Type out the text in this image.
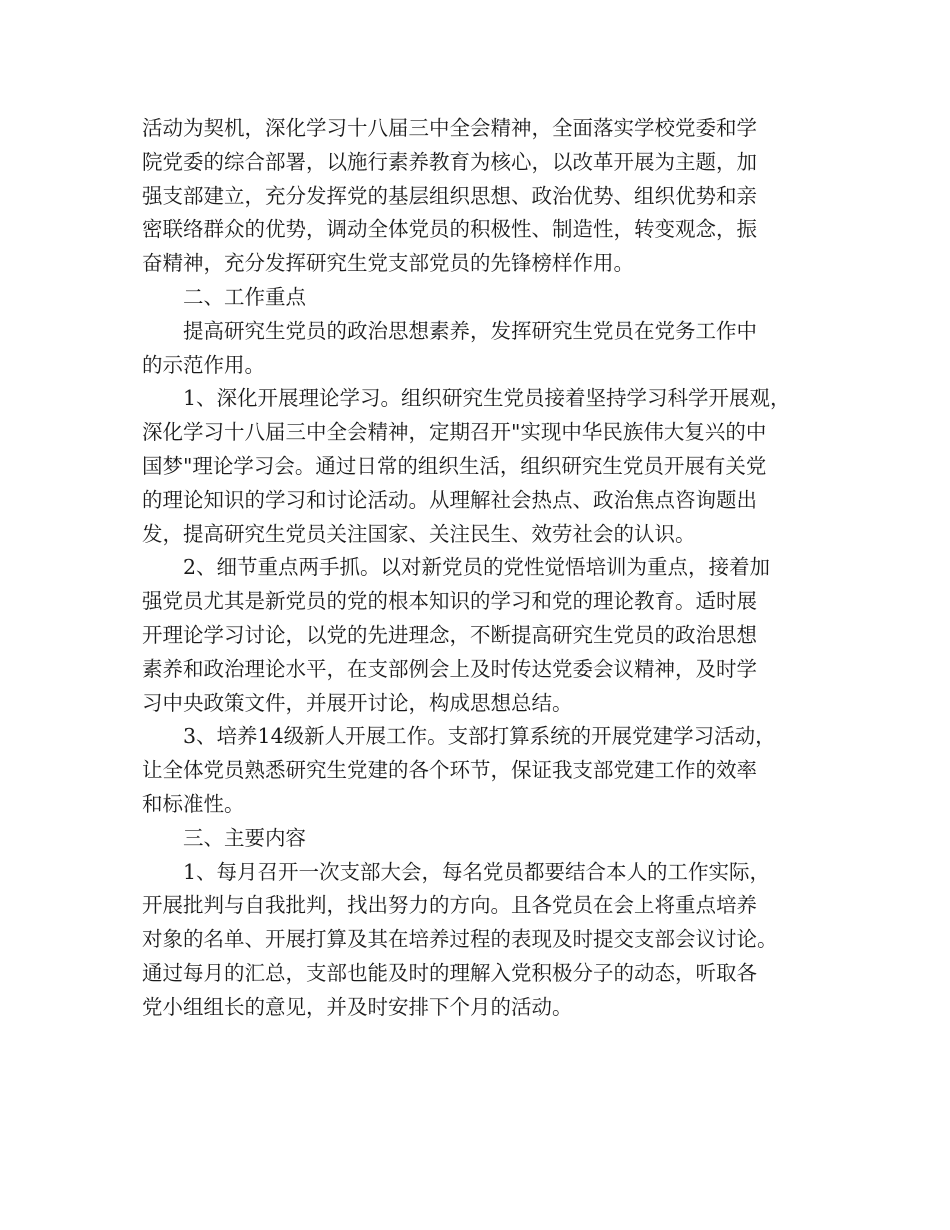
活动为契机，深化学习十八届三中全会精神，全面落实学校党委和学
院党委的综合部署，以施行素养教育为核心，以改革开展为主题，加
强支部建立，充分发挥党的基层组织思想、政治优势、组织优势和亲
密联络群众的优势，调动全体党员的积极性、制造性，转变观念，振
奋精神，充分发挥研究生党支部党员的先锋榜样作用。
二、工作重点
提高研究生党员的政治思想素养，发挥研究生党员在党务工作中
的示范作用。
1、深化开展理论学习。组织研究生党员接着坚持学习科学开展观，
深化学习十八届三中全会精神，定期召开"实现中华民族伟大复兴的中
国梦"理论学习会。通过日常的组织生活，组织研究生党员开展有关党
的理论知识的学习和讨论活动。从理解社会热点、政治焦点咨询题出
发，提高研究生党员关注国家、关注民生、效劳社会的认识。
2、细节重点两手抓。以对新党员的党性觉悟培训为重点，接着加
强党员尤其是新党员的党的根本知识的学习和党的理论教育。适时展
开理论学习讨论，以党的先进理念，不断提高研究生党员的政治思想
素养和政治理论水平，在支部例会上及时传达党委会议精神，及时学
习中央政策文件，并展开讨论，构成思想总结。
3、培养14级新人开展工作。支部打算系统的开展党建学习活动，
让全体党员熟悉研究生党建的各个环节，保证我支部党建工作的效率
和标准性。
三、主要内容
1、每月召开一次支部大会，每名党员都要结合本人的工作实际，
开展批判与自我批判，找出努力的方向。且各党员在会上将重点培养
对象的名单、开展打算及其在培养过程的表现及时提交支部会议讨论。
通过每月的汇总，支部也能及时的理解入党积极分子的动态，听取各
党小组组长的意见，并及时安排下个月的活动。
